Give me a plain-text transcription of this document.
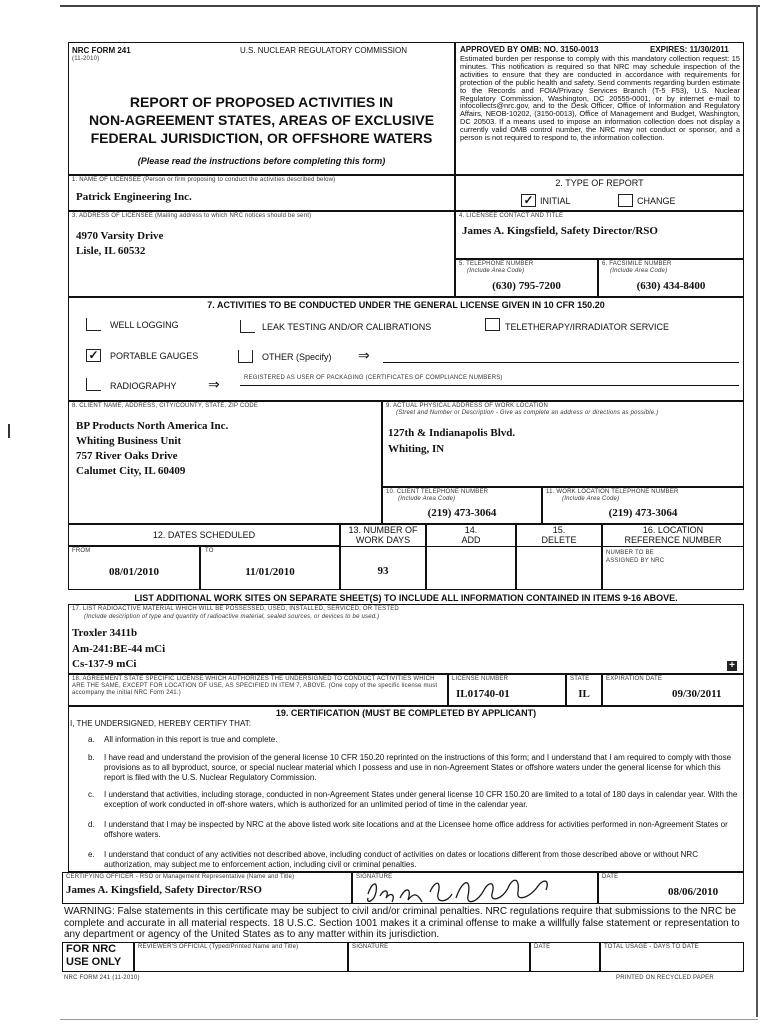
NRC FORM 241
(11-2010)
U.S. NUCLEAR REGULATORY COMMISSION
REPORT OF PROPOSED ACTIVITIES IN
NON-AGREEMENT STATES, AREAS OF EXCLUSIVE
FEDERAL JURISDICTION, OR OFFSHORE WATERS
(Please read the instructions before completing this form)
APPROVED BY OMB: NO. 3150-0013	EXPIRES: 11/30/2011
Estimated burden per response to comply with this mandatory collection request: 15 minutes. This notification is required so that NRC may schedule inspection of the activities to ensure that they are conducted in accordance with requirements for protection of the public health and safety. Send comments regarding burden estimate to the Records and FOIA/Privacy Services Branch (T-5 F53), U.S. Nuclear Regulatory Commission, Washington, DC 20555-0001, or by internet e-mail to infocollects@nrc.gov, and to the Desk Officer, Office of Information and Regulatory Affairs, NEOB-10202, (3150-0013), Office of Management and Budget, Washington, DC 20503. If a means used to impose an information collection does not display a currently valid OMB control number, the NRC may not conduct or sponsor, and a person is not required to respond to, the information collection.
1. NAME OF LICENSEE (Person or firm proposing to conduct the activities described below)
Patrick Engineering Inc.
2. TYPE OF REPORT
✓ INITIAL	CHANGE
3. ADDRESS OF LICENSEE (Mailing address to which NRC notices should be sent)
4970 Varsity Drive
Lisle, IL 60532
4. LICENSEE CONTACT AND TITLE
James A. Kingsfield, Safety Director/RSO
5. TELEPHONE NUMBER
(Include Area Code)
(630) 795-7200
6. FACSIMILE NUMBER
(Include Area Code)
(630) 434-8400
7. ACTIVITIES TO BE CONDUCTED UNDER THE GENERAL LICENSE GIVEN IN 10 CFR 150.20
WELL LOGGING	LEAK TESTING AND/OR CALIBRATIONS	TELETHERAPY/IRRADIATOR SERVICE
✓ PORTABLE GAUGES	OTHER (Specify) ⇒
RADIOGRAPHY ⇒	REGISTERED AS USER OF PACKAGING (CERTIFICATES OF COMPLIANCE NUMBERS)
8. CLIENT NAME, ADDRESS, CITY/COUNTY, STATE, ZIP CODE
BP Products North America Inc.
Whiting Business Unit
757 River Oaks Drive
Calumet City, IL 60409
9. ACTUAL PHYSICAL ADDRESS OF WORK LOCATION
(Street and Number or Description - Give as complete an address or directions as possible.)
127th & Indianapolis Blvd.
Whiting, IN
10. CLIENT TELEPHONE NUMBER
(Include Area Code)
(219) 473-3064
11. WORK LOCATION TELEPHONE NUMBER
(Include Area Code)
(219) 473-3064
12. DATES SCHEDULED
FROM
08/01/2010
TO
11/01/2010
13. NUMBER OF
WORK DAYS
93
14.
ADD
15.
DELETE
16. LOCATION
REFERENCE NUMBER
NUMBER TO BE
ASSIGNED BY NRC
LIST ADDITIONAL WORK SITES ON SEPARATE SHEET(S) TO INCLUDE ALL INFORMATION CONTAINED IN ITEMS 9-16 ABOVE.
17. LIST RADIOACTIVE MATERIAL WHICH WILL BE POSSESSED, USED, INSTALLED, SERVICED, OR TESTED
(Include description of type and quantity of radioactive material, sealed sources, or devices to be used.)
Troxler 3411b
Am-241:BE-44 mCi
Cs-137-9 mCi	+
18. AGREEMENT STATE SPECIFIC LICENSE WHICH AUTHORIZES THE UNDERSIGNED TO CONDUCT ACTIVITIES WHICH ARE THE SAME, EXCEPT FOR LOCATION OF USE, AS SPECIFIED IN ITEM 7, ABOVE. (One copy of the specific license must accompany the initial NRC Form 241.)
LICENSE NUMBER
IL01740-01
STATE
IL
EXPIRATION DATE
09/30/2011
19. CERTIFICATION (MUST BE COMPLETED BY APPLICANT)
I, THE UNDERSIGNED, HEREBY CERTIFY THAT:
a. All information in this report is true and complete.
b. I have read and understand the provision of the general license 10 CFR 150.20 reprinted on the instructions of this form; and I understand that I am required to comply with those provisions as to all byproduct, source, or special nuclear material which I possess and use in non-Agreement States or offshore waters under the general license for which this report is filed with the U.S. Nuclear Regulatory Commission.
c. I understand that activities, including storage, conducted in non-Agreement States under general license 10 CFR 150.20 are limited to a total of 180 days in calendar year. With the exception of work conducted in off-shore waters, which is authorized for an unlimited period of time in the calendar year.
d. I understand that I may be inspected by NRC at the above listed work site locations and at the Licensee home office address for activities performed in non-Agreement States or offshore waters.
e. I understand that conduct of any activities not described above, including conduct of activities on dates or locations different from those described above or without NRC authorization, may subject me to enforcement action, including civil or criminal penalties.
CERTIFYING OFFICER - RSO or Management Representative (Name and Title)
James A. Kingsfield, Safety Director/RSO
SIGNATURE	DATE
08/06/2010
WARNING: False statements in this certificate may be subject to civil and/or criminal penalties. NRC regulations require that submissions to the NRC be complete and accurate in all material respects. 18 U.S.C. Section 1001 makes it a criminal offense to make a willfully false statement or representation to any department or agency of the United States as to any matter within its jurisdiction.
FOR NRC
USE ONLY
REVIEWER'S OFFICIAL (Typed/Printed Name and Title)	SIGNATURE	DATE	TOTAL USAGE - DAYS TO DATE
NRC FORM 241 (11-2010)	PRINTED ON RECYCLED PAPER
